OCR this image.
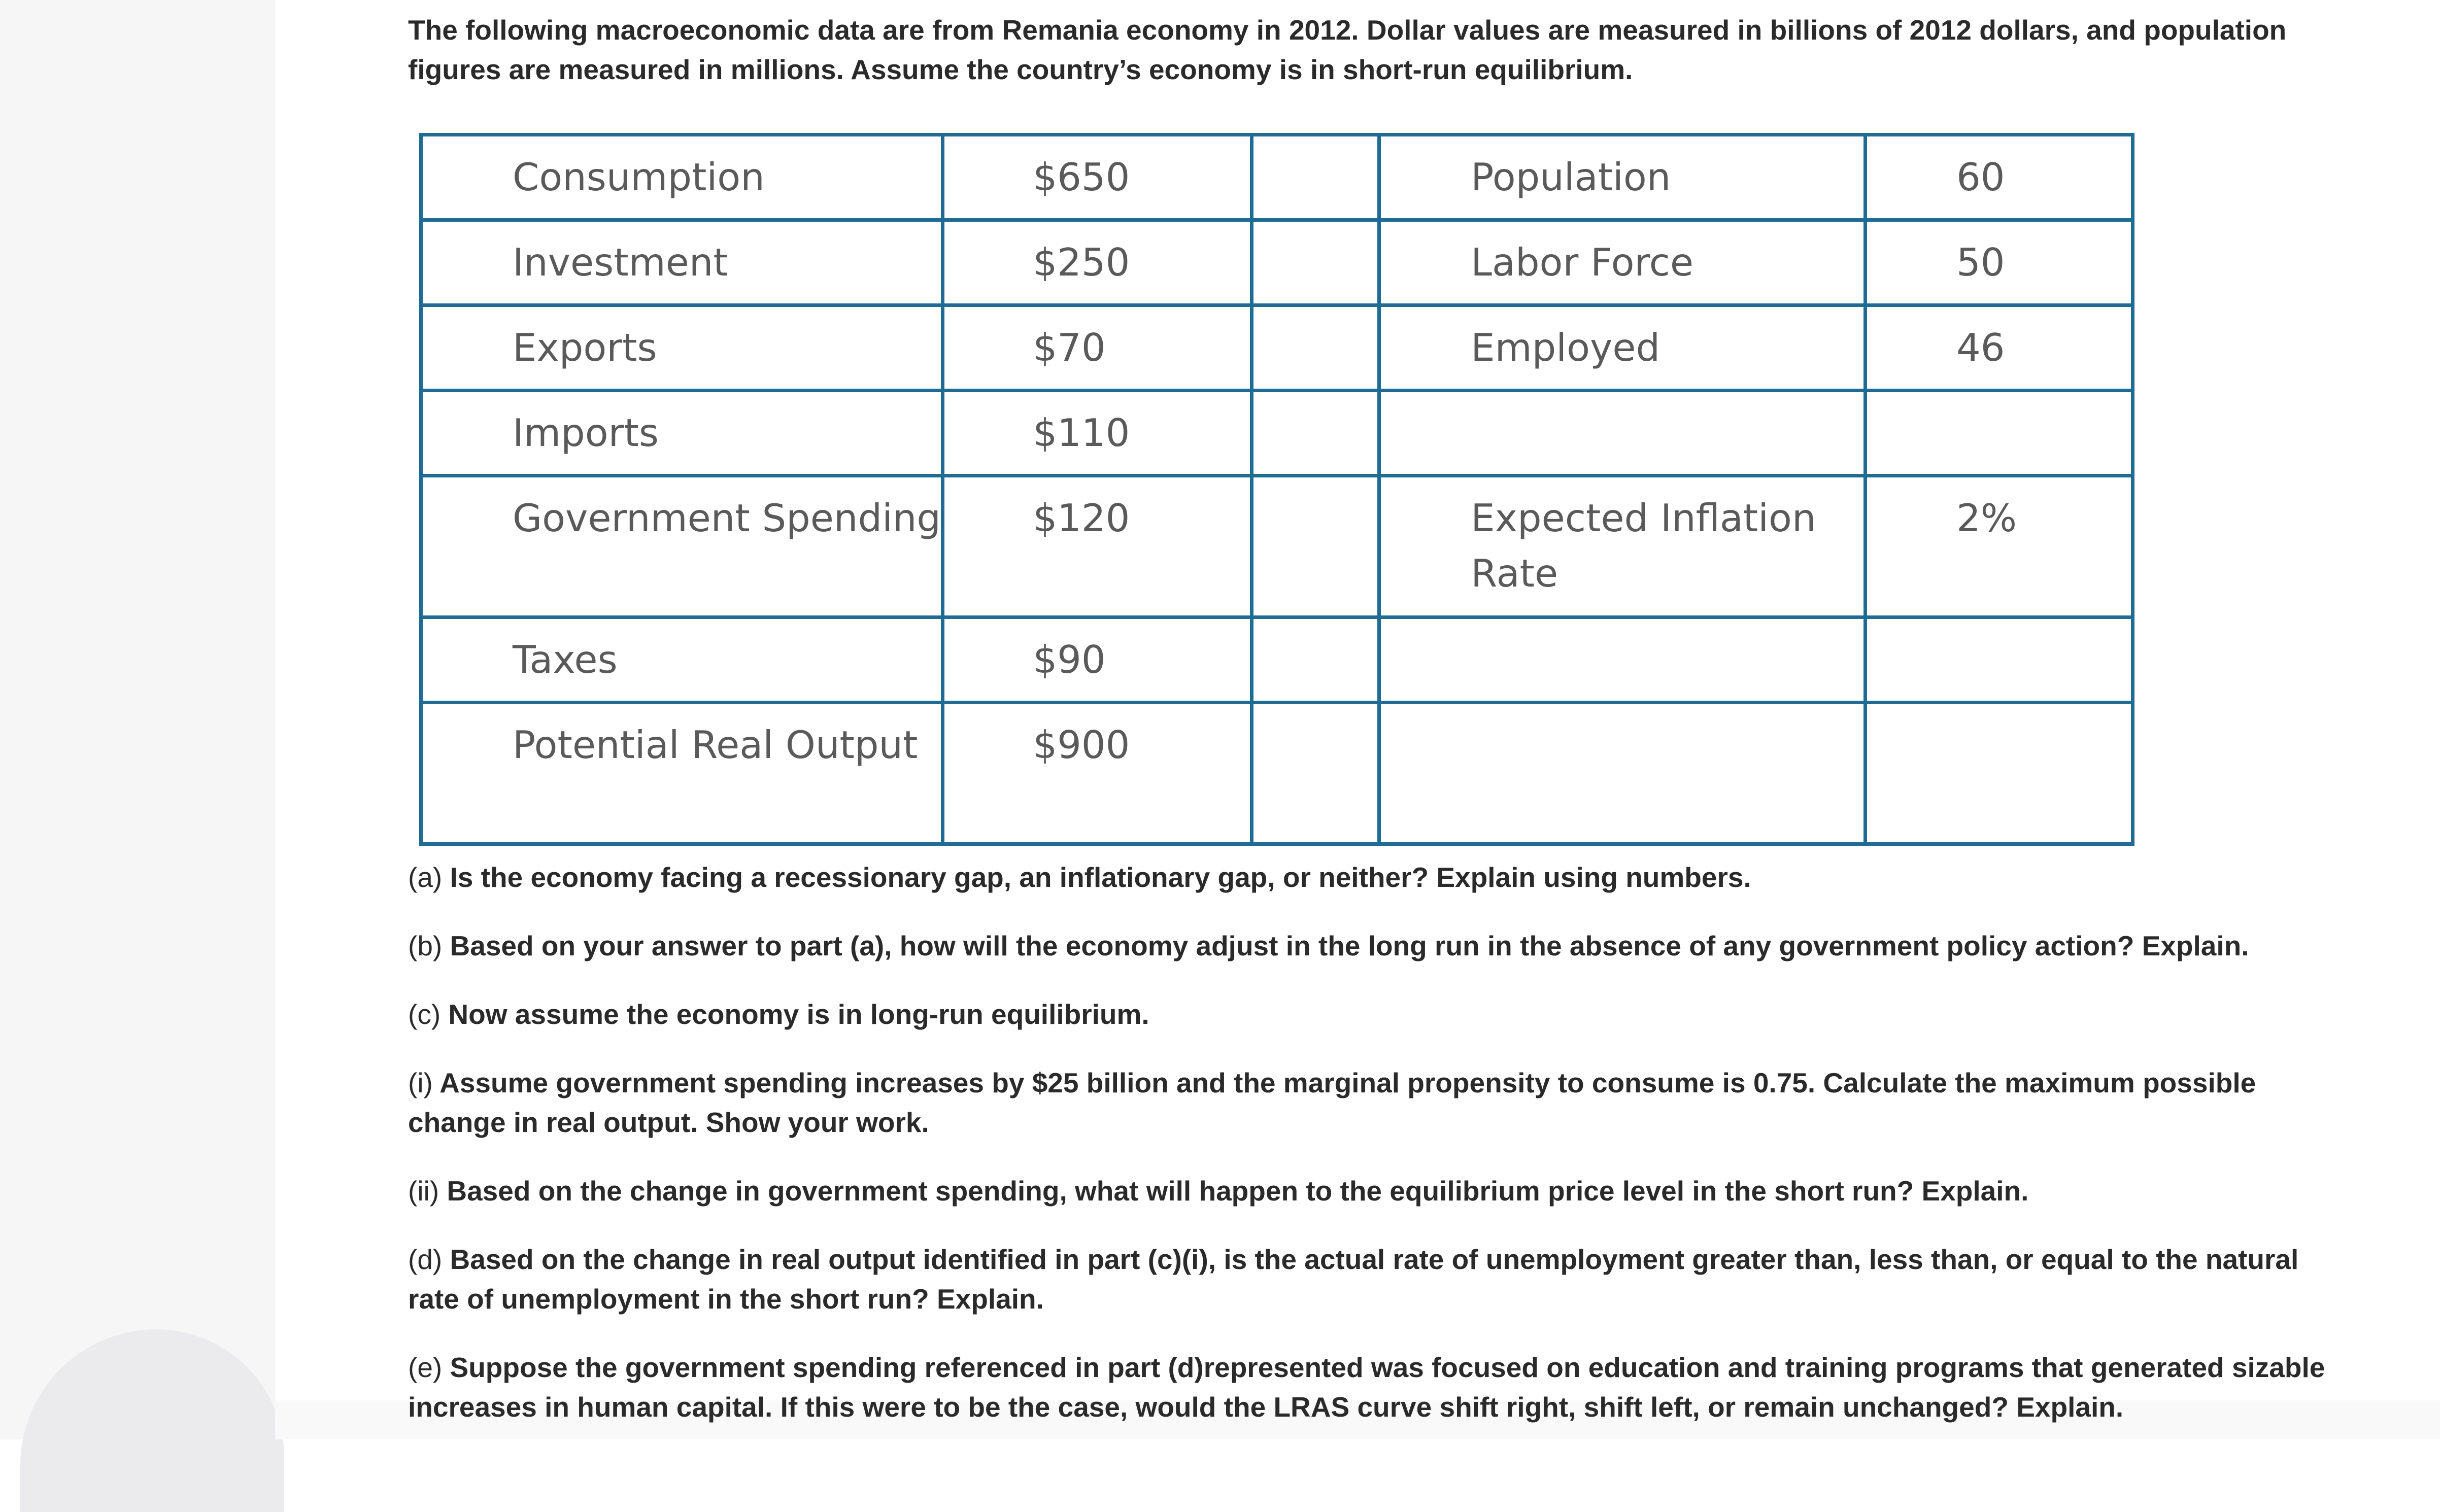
The following macroeconomic data are from Remania economy in 2012. Dollar values are measured in billions of 2012 dollars, and population figures are measured in millions. Assume the country’s economy is in short-run equilibrium.

Consumption	$650		Population	60

Investment	$250		Labor Force	50

Exports	$70		Employed	46

Imports	$110			

Government Spending	$120		Expected Inflation Rate	2%

Taxes	$90			

Potential Real Output	$900			

(a) Is the economy facing a recessionary gap, an inflationary gap, or neither? Explain using numbers.

(b) Based on your answer to part (a), how will the economy adjust in the long run in the absence of any government policy action? Explain.

(c) Now assume the economy is in long-run equilibrium.

(i) Assume government spending increases by $25 billion and the marginal propensity to consume is 0.75. Calculate the maximum possible change in real output. Show your work.

(ii) Based on the change in government spending, what will happen to the equilibrium price level in the short run? Explain.

(d) Based on the change in real output identified in part (c)(i), is the actual rate of unemployment greater than, less than, or equal to the natural rate of unemployment in the short run? Explain.

(e) Suppose the government spending referenced in part (d)represented was focused on education and training programs that generated sizable increases in human capital. If this were to be the case, would the LRAS curve shift right, shift left, or remain unchanged? Explain.
